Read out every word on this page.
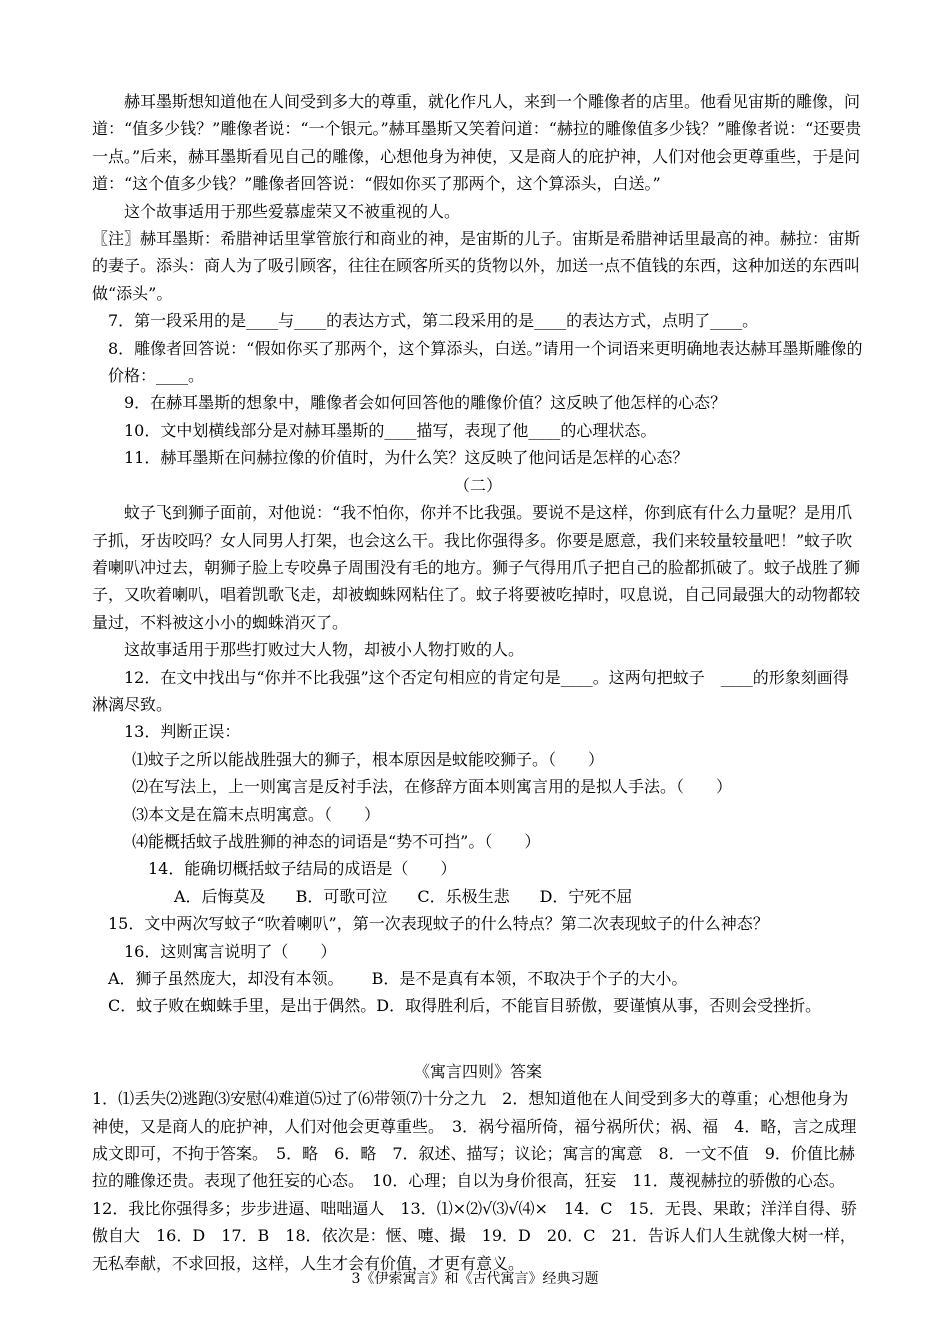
赫耳墨斯想知道他在人间受到多大的尊重，就化作凡人，来到一个雕像者的店里。他看见宙斯的雕像，问道：“值多少钱？”雕像者说：“一个银元。”赫耳墨斯又笑着问道：“赫拉的雕像值多少钱？”雕像者说：“还要贵一点。”后来，赫耳墨斯看见自己的雕像，心想他身为神使，又是商人的庇护神，人们对他会更尊重些，于是问道：“这个值多少钱？”雕像者回答说：“假如你买了那两个，这个算添头，白送。”

这个故事适用于那些爱慕虚荣又不被重视的人。

〖注〗赫耳墨斯：希腊神话里掌管旅行和商业的神，是宙斯的儿子。宙斯是希腊神话里最高的神。赫拉：宙斯的妻子。添头：商人为了吸引顾客，往往在顾客所买的货物以外，加送一点不值钱的东西，这种加送的东西叫做“添头”。

7．第一段采用的是____与____的表达方式，第二段采用的是____的表达方式，点明了____。

8．雕像者回答说：“假如你买了那两个，这个算添头，白送。”请用一个词语来更明确地表达赫耳墨斯雕像的价格：____。

9．在赫耳墨斯的想象中，雕像者会如何回答他的雕像价值？这反映了他怎样的心态？

10．文中划横线部分是对赫耳墨斯的____描写，表现了他____的心理状态。

11．赫耳墨斯在问赫拉像的价值时，为什么笑？这反映了他问话是怎样的心态？

（二）

蚊子飞到狮子面前，对他说：“我不怕你，你并不比我强。要说不是这样，你到底有什么力量呢？是用爪子抓，牙齿咬吗？女人同男人打架，也会这么干。我比你强得多。你要是愿意，我们来较量较量吧！”蚊子吹着喇叭冲过去，朝狮子脸上专咬鼻子周围没有毛的地方。狮子气得用爪子把自己的脸都抓破了。蚊子战胜了狮子，又吹着喇叭，唱着凯歌飞走，却被蜘蛛网粘住了。蚊子将要被吃掉时，叹息说，自己同最强大的动物都较量过，不料被这小小的蜘蛛消灭了。

这故事适用于那些打败过大人物，却被小人物打败的人。

12．在文中找出与“你并不比我强”这个否定句相应的肯定句是____。这两句把蚊子　____的形象刻画得淋漓尽致。

13．判断正误：

⑴蚊子之所以能战胜强大的狮子，根本原因是蚊能咬狮子。（　　）

⑵在写法上，上一则寓言是反衬手法，在修辞方面本则寓言用的是拟人手法。（　　）

⑶本文是在篇末点明寓意。（　　）

⑷能概括蚊子战胜狮的神态的词语是“势不可挡”。（　　）

14．能确切概括蚊子结局的成语是（　　）

A．后悔莫及 B．可歌可泣 C．乐极生悲 D．宁死不屈

15．文中两次写蚊子“吹着喇叭”，第一次表现蚊子的什么特点？第二次表现蚊子的什么神态？

16．这则寓言说明了（　　）

A．狮子虽然庞大，却没有本领。 B．是不是真有本领，不取决于个子的大小。

C．蚊子败在蜘蛛手里，是出于偶然。D．取得胜利后，不能盲目骄傲，要谨慎从事，否则会受挫折。

《寓言四则》答案

1．⑴丢失⑵逃跑⑶安慰⑷难道⑸过了⑹带领⑺十分之九　2．想知道他在人间受到多大的尊重；心想他身为神使，又是商人的庇护神，人们对他会更尊重些。　3．祸兮福所倚，福兮祸所伏；祸、福　4．略，言之成理成文即可，不拘于答案。　5．略　6．略　7．叙述、描写；议论；寓言的寓意　8．一文不值　9．价值比赫拉的雕像还贵。表现了他狂妄的心态。　10．心理；自以为身价很高，狂妄　11．蔑视赫拉的骄傲的心态。　12．我比你强得多；步步进逼、咄咄逼人　13．⑴×⑵√⑶√⑷×　14．C　15．无畏、果敢；洋洋自得、骄傲自大　16．D　17．B　18．依次是：惬、嚏、撮　19．D　20．C　21．告诉人们人生就像大树一样，无私奉献，不求回报，这样，人生才会有价值，才更有意义。

3《伊索寓言》和《古代寓言》经典习题
